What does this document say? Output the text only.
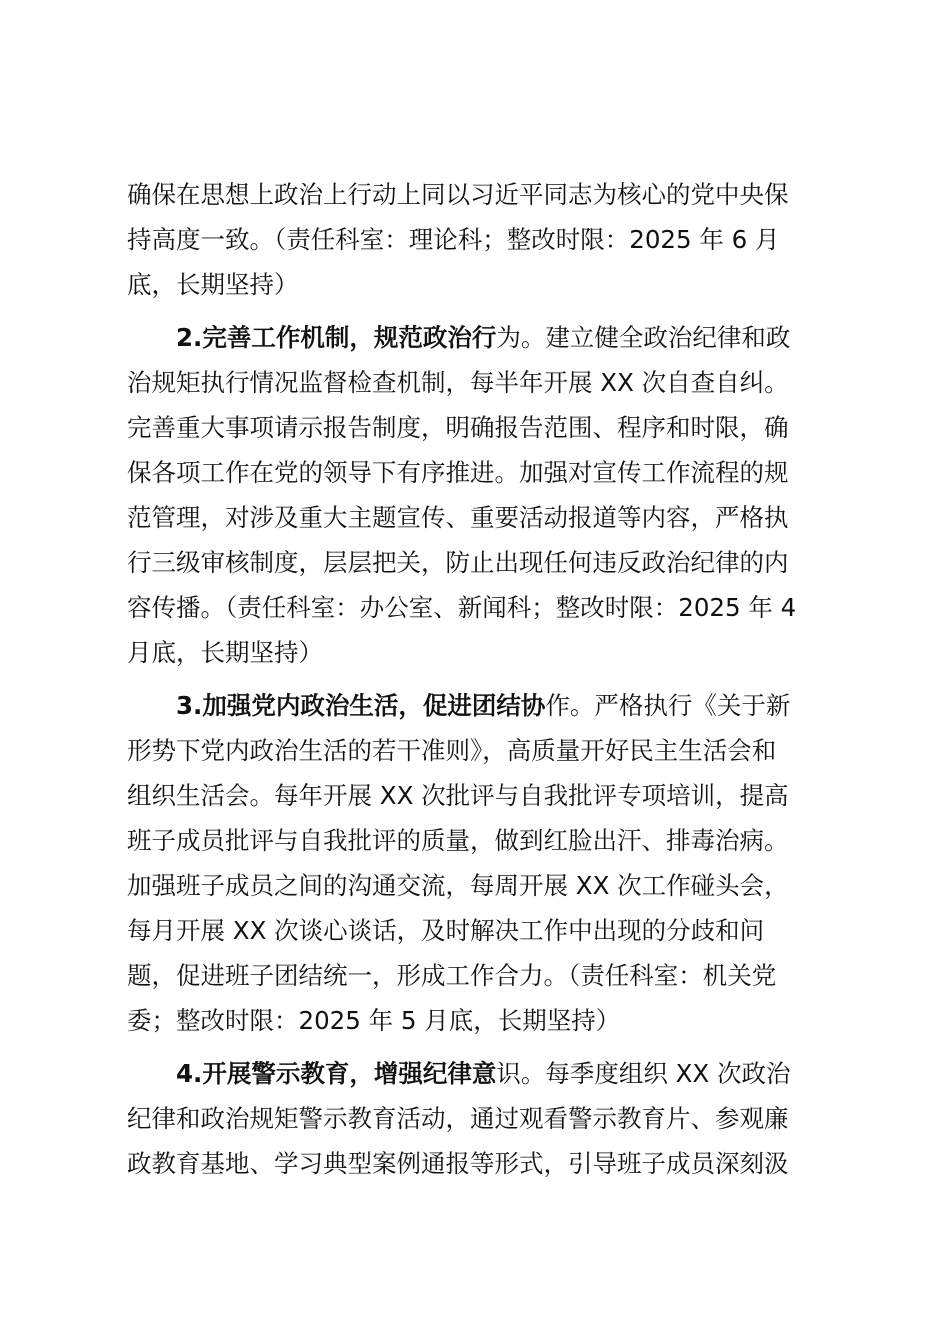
确保在思想上政治上行动上同以习近平同志为核心的党中央保
持高度一致。（责任科室：理论科；整改时限：2025 年 6 月
底，长期坚持）

2.完善工作机制，规范政治行为。建立健全政治纪律和政
治规矩执行情况监督检查机制，每半年开展 XX 次自查自纠。
完善重大事项请示报告制度，明确报告范围、程序和时限，确
保各项工作在党的领导下有序推进。加强对宣传工作流程的规
范管理，对涉及重大主题宣传、重要活动报道等内容，严格执
行三级审核制度，层层把关，防止出现任何违反政治纪律的内
容传播。（责任科室：办公室、新闻科；整改时限：2025 年 4
月底，长期坚持）

3.加强党内政治生活，促进团结协作。严格执行《关于新
形势下党内政治生活的若干准则》，高质量开好民主生活会和
组织生活会。每年开展 XX 次批评与自我批评专项培训，提高
班子成员批评与自我批评的质量，做到红脸出汗、排毒治病。
加强班子成员之间的沟通交流，每周开展 XX 次工作碰头会，
每月开展 XX 次谈心谈话，及时解决工作中出现的分歧和问
题，促进班子团结统一，形成工作合力。（责任科室：机关党
委；整改时限：2025 年 5 月底，长期坚持）

4.开展警示教育，增强纪律意识。每季度组织 XX 次政治
纪律和政治规矩警示教育活动，通过观看警示教育片、参观廉
政教育基地、学习典型案例通报等形式，引导班子成员深刻汲
